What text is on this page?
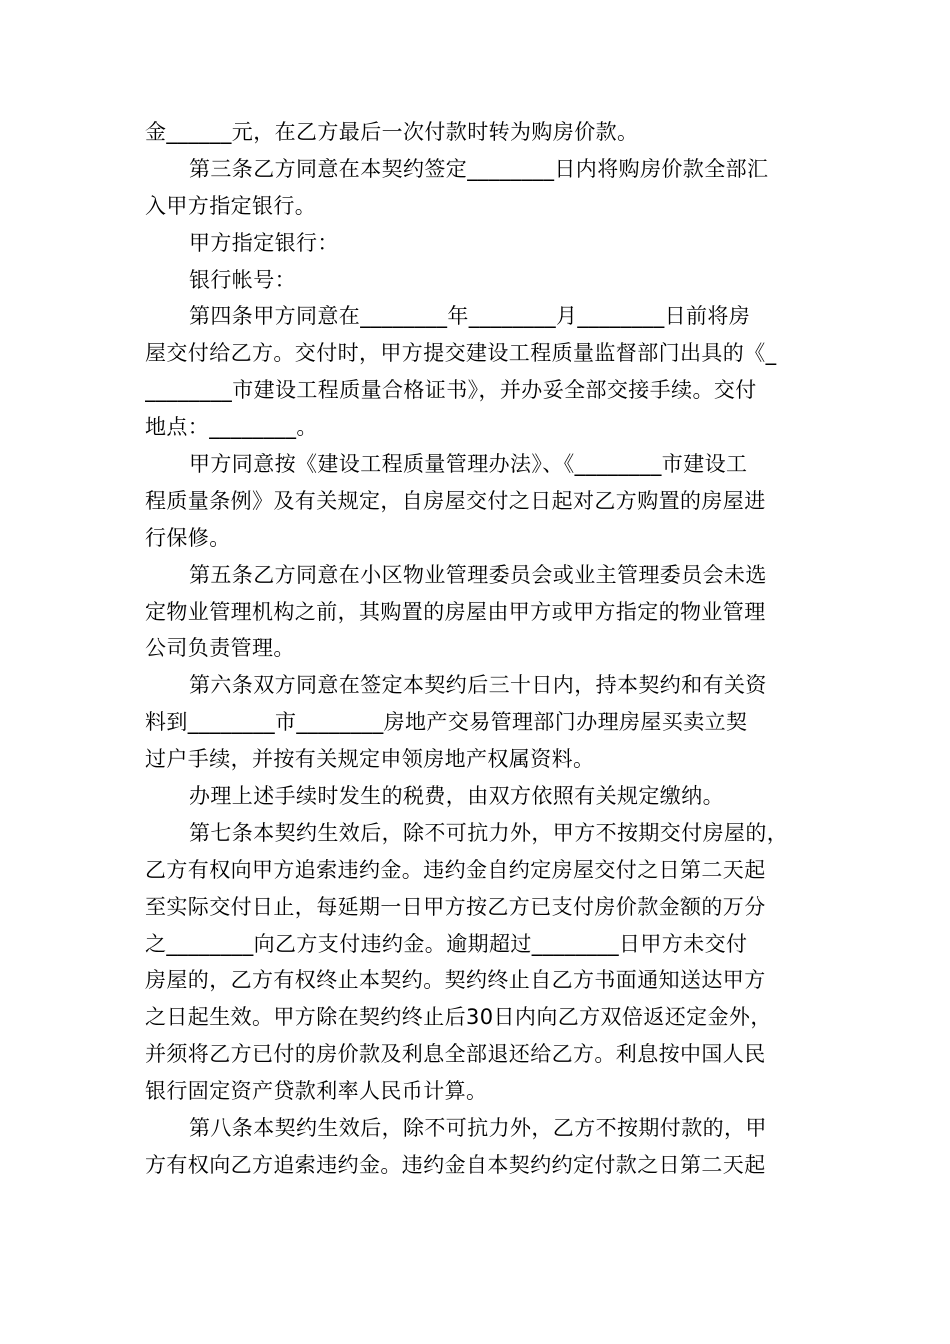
金______元，在乙方最后一次付款时转为购房价款。
第三条乙方同意在本契约签定________日内将购房价款全部汇
入甲方指定银行。
甲方指定银行：
银行帐号：
第四条甲方同意在________年________月________日前将房
屋交付给乙方。交付时，甲方提交建设工程质量监督部门出具的《_
________市建设工程质量合格证书》，并办妥全部交接手续。交付
地点：________。
甲方同意按《建设工程质量管理办法》、《________市建设工
程质量条例》及有关规定，自房屋交付之日起对乙方购置的房屋进
行保修。
第五条乙方同意在小区物业管理委员会或业主管理委员会未选
定物业管理机构之前，其购置的房屋由甲方或甲方指定的物业管理
公司负责管理。
第六条双方同意在签定本契约后三十日内，持本契约和有关资
料到________市________房地产交易管理部门办理房屋买卖立契
过户手续，并按有关规定申领房地产权属资料。
办理上述手续时发生的税费，由双方依照有关规定缴纳。
第七条本契约生效后，除不可抗力外，甲方不按期交付房屋的，
乙方有权向甲方追索违约金。违约金自约定房屋交付之日第二天起
至实际交付日止，每延期一日甲方按乙方已支付房价款金额的万分
之________向乙方支付违约金。逾期超过________日甲方未交付
房屋的，乙方有权终止本契约。契约终止自乙方书面通知送达甲方
之日起生效。甲方除在契约终止后30日内向乙方双倍返还定金外，
并须将乙方已付的房价款及利息全部退还给乙方。利息按中国人民
银行固定资产贷款利率人民币计算。
第八条本契约生效后，除不可抗力外，乙方不按期付款的，甲
方有权向乙方追索违约金。违约金自本契约约定付款之日第二天起
